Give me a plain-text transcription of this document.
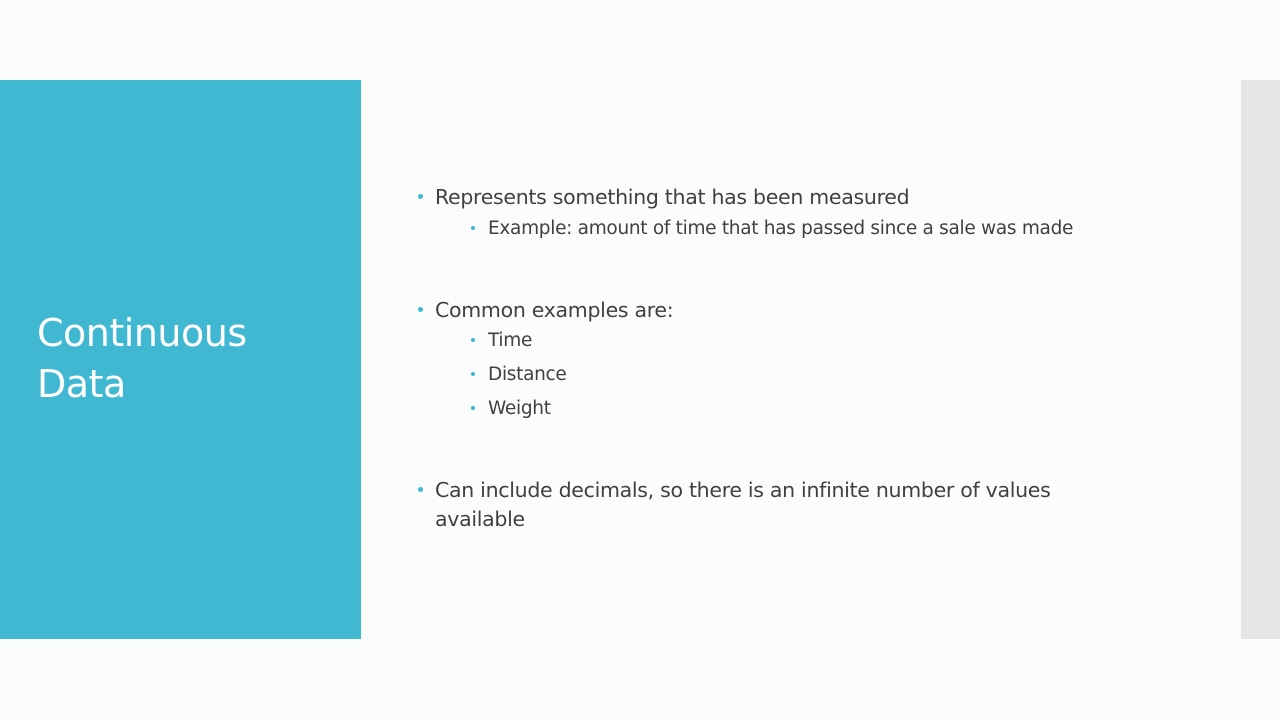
Continuous
Data
Represents something that has been measured
Example: amount of time that has passed since a sale was made
Common examples are:
Time
Distance
Weight
Can include decimals, so there is an infinite number of values
available
